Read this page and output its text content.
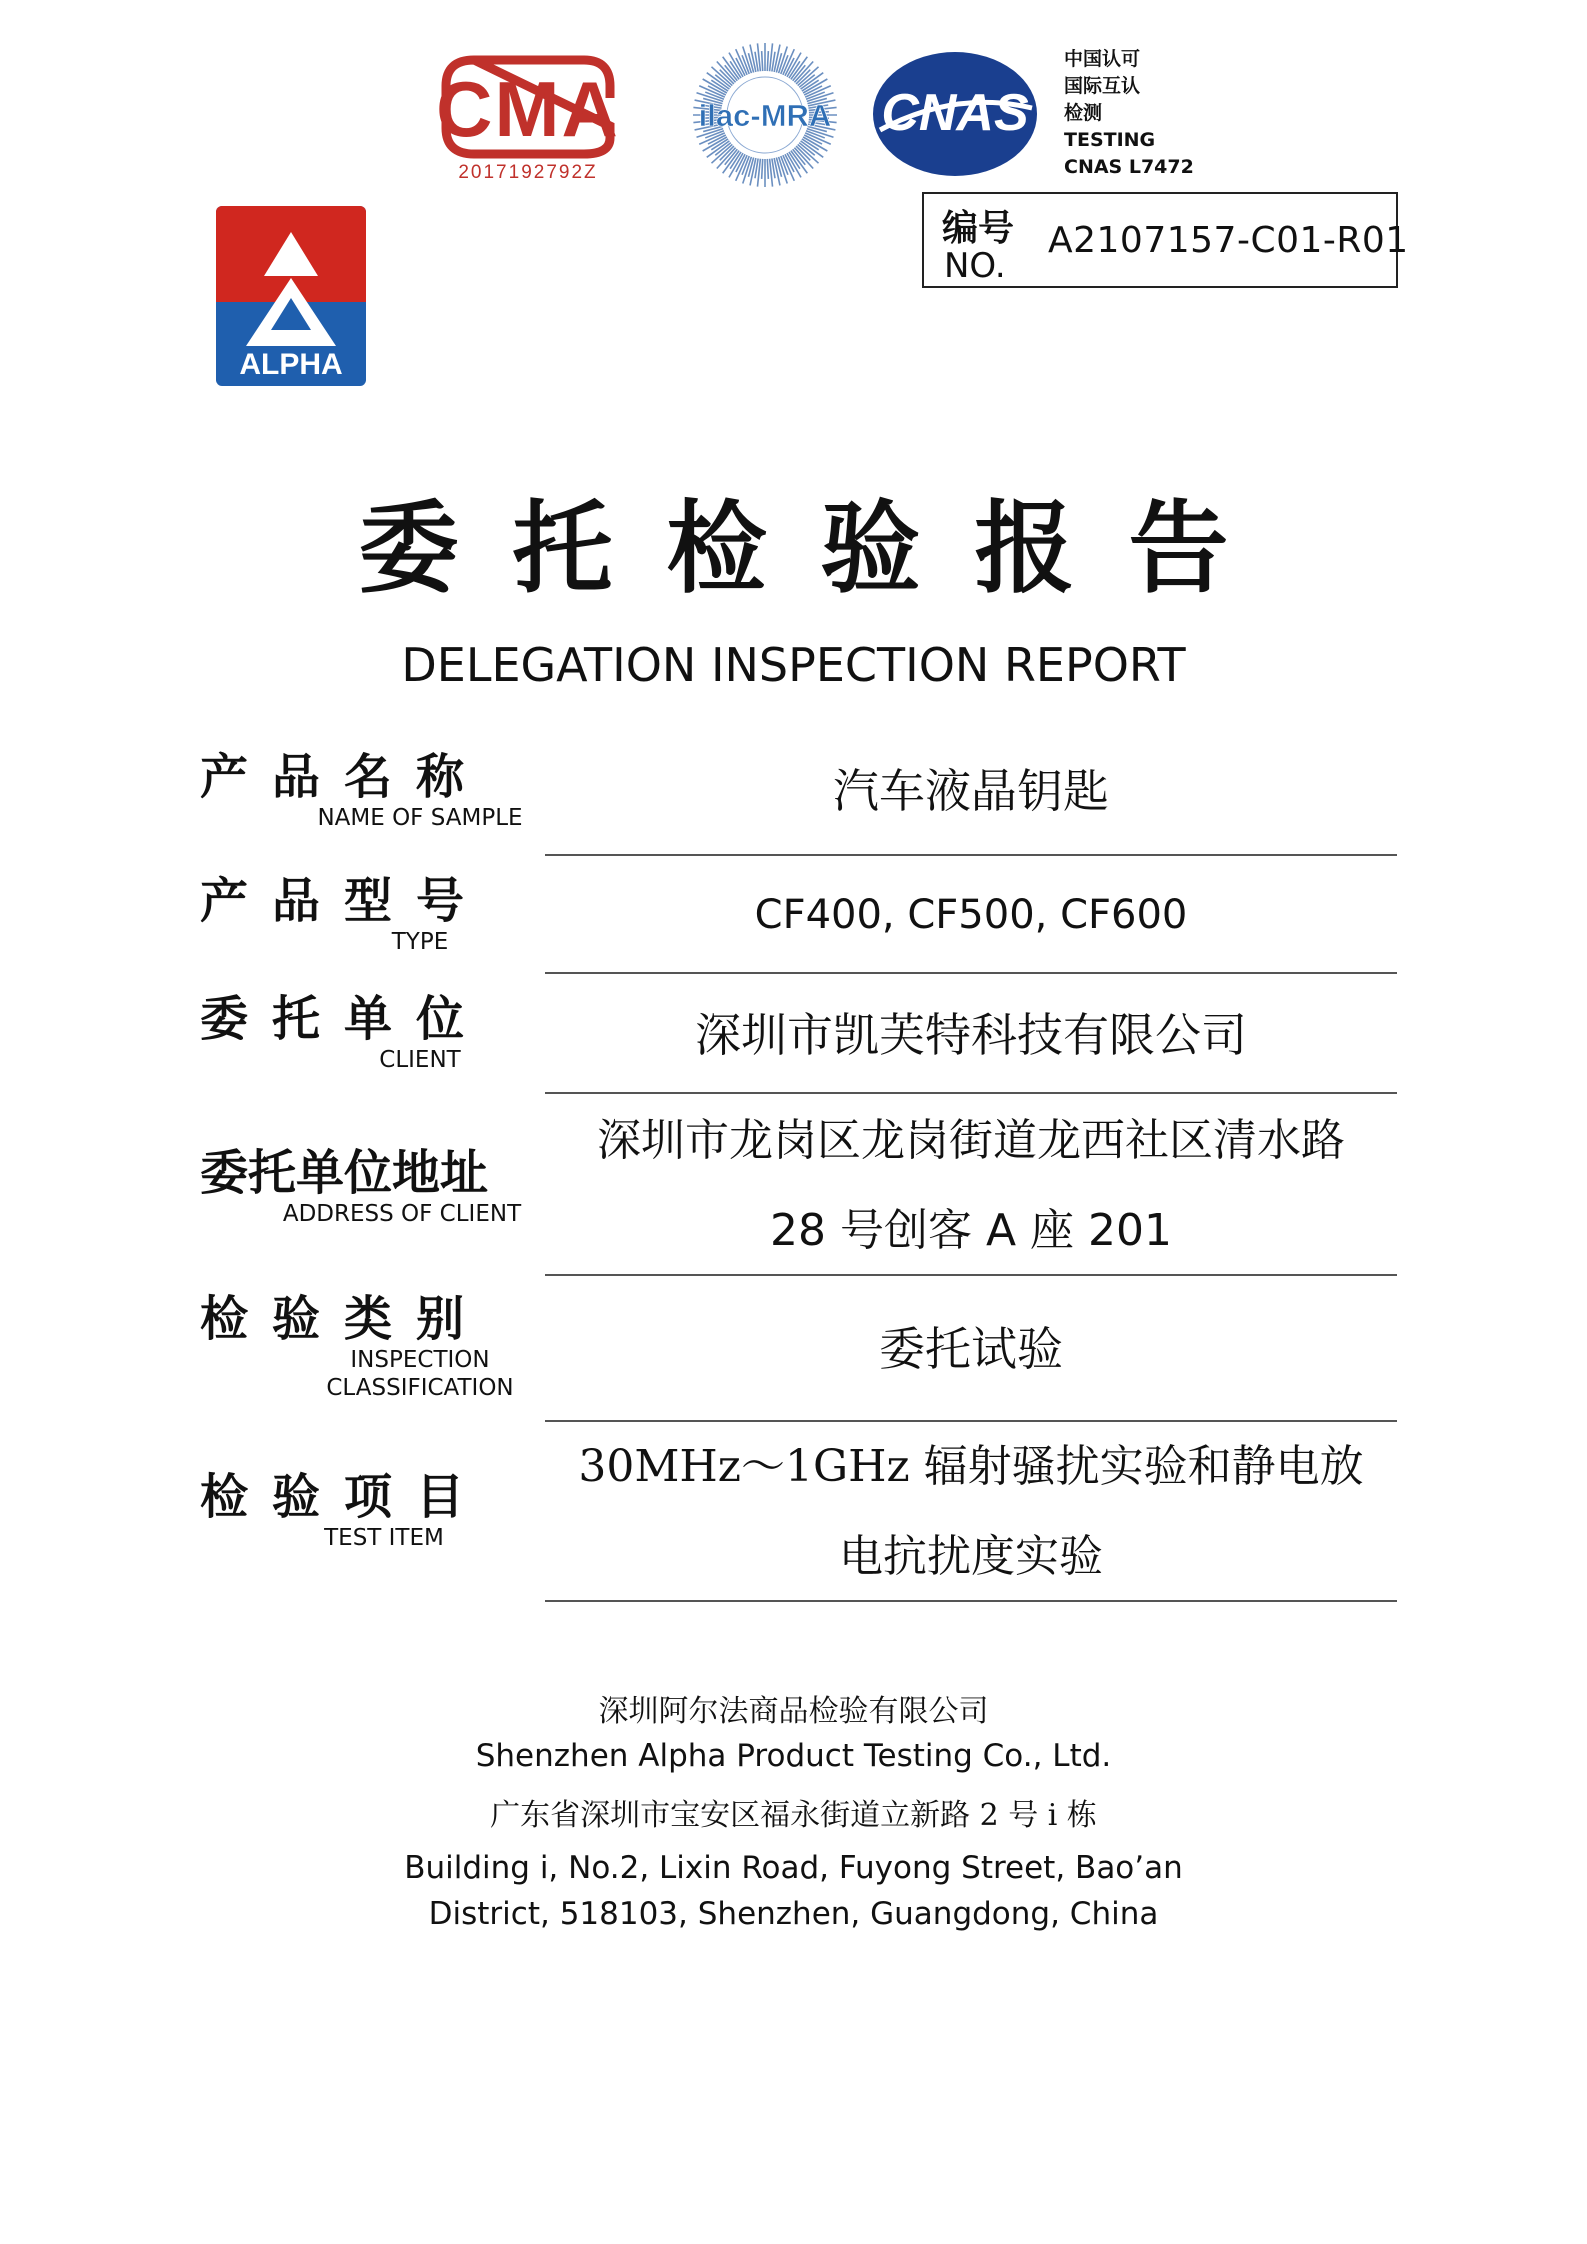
CMA
2017192792Z
ilac-MRA CNAS
中国认可
国际互认
检测
TESTING
CNAS L7472
ALPHA
编号
NO.
A2107157-C01-R01
委托检验报告
DELEGATION INSPECTION REPORT
产品名称
NAME OF SAMPLE	汽车液晶钥匙
产品型号
TYPE
CF400, CF500, CF600
委托单位
CLIENT	深圳市凯芙特科技有限公司
委托单位地址
ADDRESS OF CLIENT
深圳市龙岗区龙岗街道龙西社区清水路
28 号创客 A 座 201
检验类别
INSPECTION
CLASSIFICATION
委托试验
检验项目
TEST ITEM
30MHz～1GHz 辐射骚扰实验和静电放
电抗扰度实验
深圳阿尔法商品检验有限公司
Shenzhen Alpha Product Testing Co., Ltd.
广东省深圳市宝安区福永街道立新路 2 号 i 栋
Building i, No.2, Lixin Road, Fuyong Street, Bao’an
District, 518103, Shenzhen, Guangdong, China
